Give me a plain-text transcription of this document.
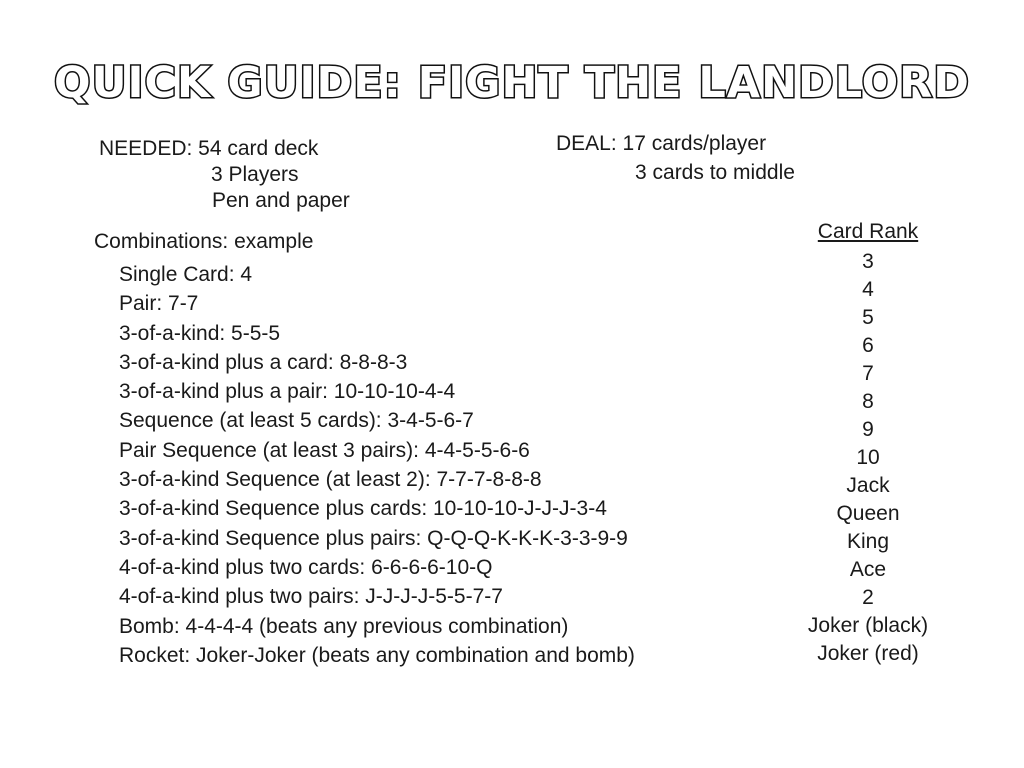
QUICK GUIDE: FIGHT THE LANDLORD
NEEDED: 54 card deck
3 Players
Pen and paper
DEAL: 17 cards/player
3 cards to middle
Combinations: example
Single Card: 4
Pair: 7-7
3-of-a-kind: 5-5-5
3-of-a-kind plus a card: 8-8-8-3
3-of-a-kind plus a pair: 10-10-10-4-4
Sequence (at least 5 cards): 3-4-5-6-7
Pair Sequence (at least 3 pairs): 4-4-5-5-6-6
3-of-a-kind Sequence (at least 2): 7-7-7-8-8-8
3-of-a-kind Sequence plus cards: 10-10-10-J-J-J-3-4
3-of-a-kind Sequence plus pairs: Q-Q-Q-K-K-K-3-3-9-9
4-of-a-kind plus two cards: 6-6-6-6-10-Q
4-of-a-kind plus two pairs: J-J-J-J-5-5-7-7
Bomb: 4-4-4-4 (beats any previous combination)
Rocket: Joker-Joker (beats any combination and bomb)
Card Rank
3
4
5
6
7
8
9
10
Jack
Queen
King
Ace
2
Joker (black)
Joker (red)
